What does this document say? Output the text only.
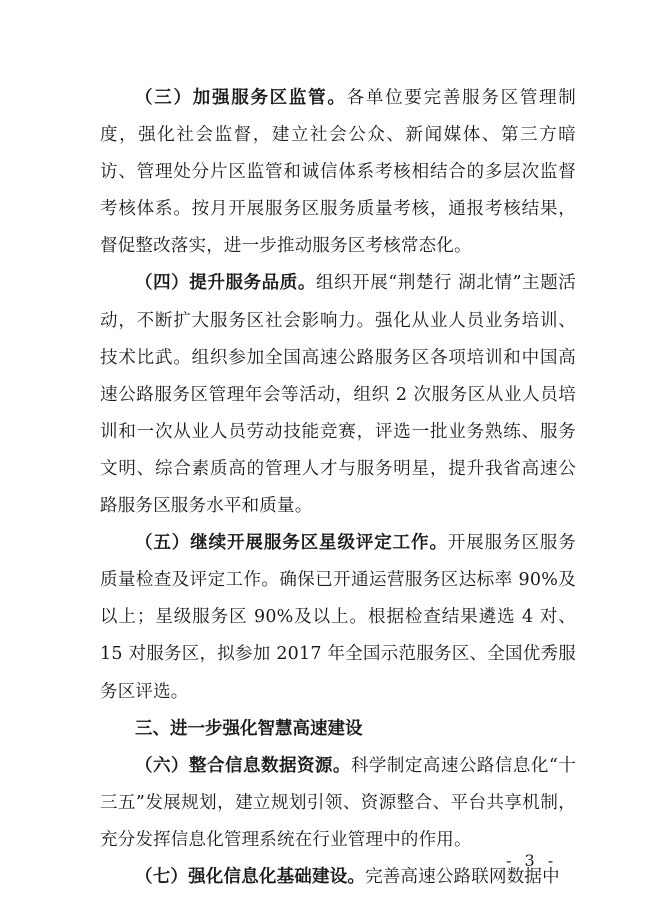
（三）加强服务区监管。各单位要完善服务区管理制度，强化社会监督，建立社会公众、新闻媒体、第三方暗访、管理处分片区监管和诚信体系考核相结合的多层次监督考核体系。按月开展服务区服务质量考核，通报考核结果，督促整改落实，进一步推动服务区考核常态化。

（四）提升服务品质。组织开展“荆楚行 湖北情”主题活动，不断扩大服务区社会影响力。强化从业人员业务培训、技术比武。组织参加全国高速公路服务区各项培训和中国高速公路服务区管理年会等活动，组织 2 次服务区从业人员培训和一次从业人员劳动技能竞赛，评选一批业务熟练、服务文明、综合素质高的管理人才与服务明星，提升我省高速公路服务区服务水平和质量。

（五）继续开展服务区星级评定工作。开展服务区服务质量检查及评定工作。确保已开通运营服务区达标率 90%及以上；星级服务区 90%及以上。根据检查结果遴选 4 对、15 对服务区，拟参加 2017 年全国示范服务区、全国优秀服务区评选。

三、进一步强化智慧高速建设

（六）整合信息数据资源。科学制定高速公路信息化“十三五”发展规划，建立规划引领、资源整合、平台共享机制，充分发挥信息化管理系统在行业管理中的作用。

（七）强化信息化基础建设。完善高速公路联网数据中

- 3 -
